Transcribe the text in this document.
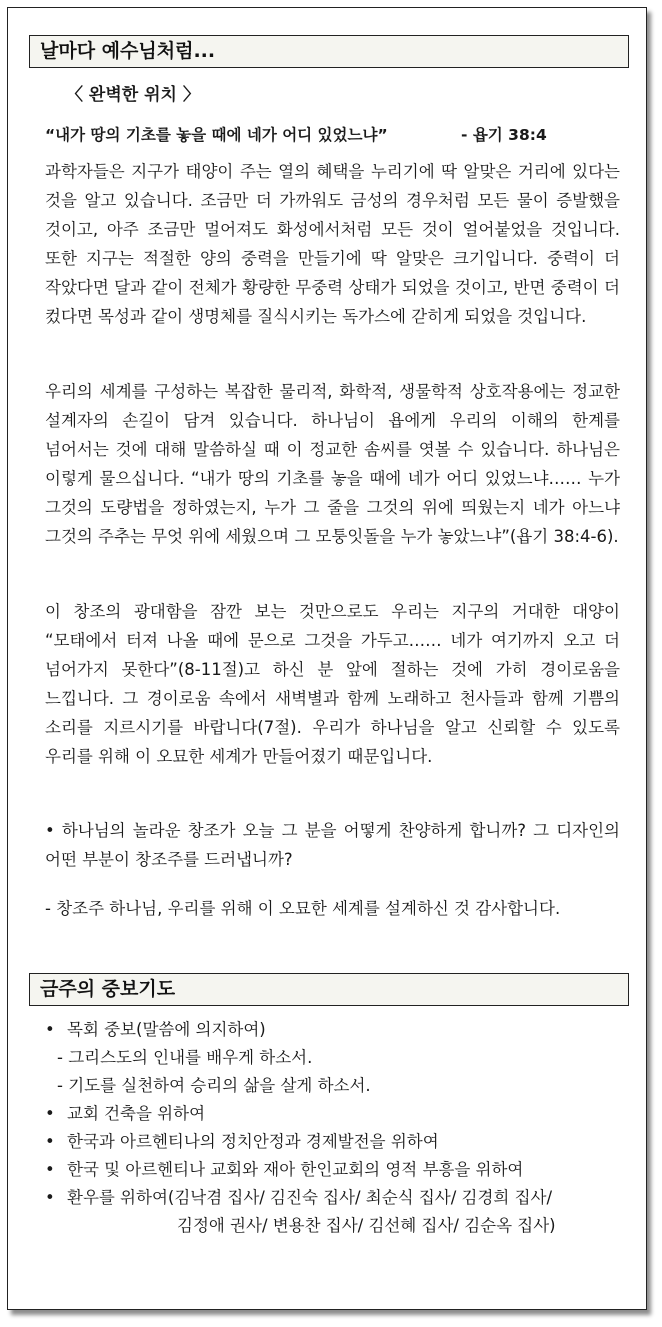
날마다 예수님처럼...
〈 완벽한 위치 〉
“내가 땅의 기초를 놓을 때에 네가 어디 있었느냐”	- 욥기 38:4
과학자들은 지구가 태양이 주는 열의 혜택을 누리기에 딱 알맞은 거리에 있다는 것을 알고 있습니다. 조금만 더 가까워도 금성의 경우처럼 모든 물이 증발했을 것이고, 아주 조금만 멀어져도 화성에서처럼 모든 것이 얼어붙었을 것입니다. 또한 지구는 적절한 양의 중력을 만들기에 딱 알맞은 크기입니다. 중력이 더 작았다면 달과 같이 전체가 황량한 무중력 상태가 되었을 것이고, 반면 중력이 더 컸다면 목성과 같이 생명체를 질식시키는 독가스에 갇히게 되었을 것입니다.
우리의 세계를 구성하는 복잡한 물리적, 화학적, 생물학적 상호작용에는 정교한 설계자의 손길이 담겨 있습니다. 하나님이 욥에게 우리의 이해의 한계를 넘어서는 것에 대해 말씀하실 때 이 정교한 솜씨를 엿볼 수 있습니다. 하나님은 이렇게 물으십니다. “내가 땅의 기초를 놓을 때에 네가 어디 있었느냐…… 누가 그것의 도량법을 정하였는지, 누가 그 줄을 그것의 위에 띄웠는지 네가 아느냐 그것의 주추는 무엇 위에 세웠으며 그 모퉁잇돌을 누가 놓았느냐”(욥기 38:4-6).
이 창조의 광대함을 잠깐 보는 것만으로도 우리는 지구의 거대한 대양이 “모태에서 터져 나올 때에 문으로 그것을 가두고…… 네가 여기까지 오고 더 넘어가지 못한다”(8-11절)고 하신 분 앞에 절하는 것에 가히 경이로움을 느낍니다. 그 경이로움 속에서 새벽별과 함께 노래하고 천사들과 함께 기쁨의 소리를 지르시기를 바랍니다(7절). 우리가 하나님을 알고 신뢰할 수 있도록 우리를 위해 이 오묘한 세계가 만들어졌기 때문입니다.
• 하나님의 놀라운 창조가 오늘 그 분을 어떻게 찬양하게 합니까? 그 디자인의 어떤 부분이 창조주를 드러냅니까?
- 창조주 하나님, 우리를 위해 이 오묘한 세계를 설계하신 것 감사합니다.
금주의 중보기도
• 목회 중보(말씀에 의지하여)
- 그리스도의 인내를 배우게 하소서.
- 기도를 실천하여 승리의 삶을 살게 하소서.
• 교회 건축을 위하여
• 한국과 아르헨티나의 정치안정과 경제발전을 위하여
• 한국 및 아르헨티나 교회와 재아 한인교회의 영적 부흥을 위하여
• 환우를 위하여(김낙겸 집사/ 김진숙 집사/ 최순식 집사/ 김경희 집사/
김정애 권사/ 변용찬 집사/ 김선혜 집사/ 김순옥 집사)
